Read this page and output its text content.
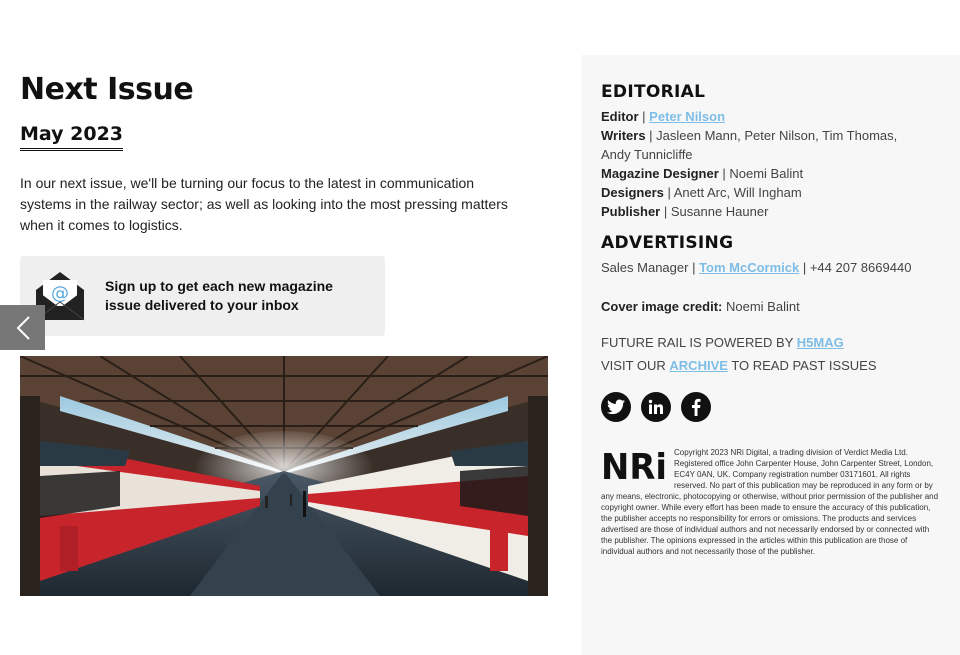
Next Issue
May 2023

In our next issue, we'll be turning our focus to the latest in communication systems in the railway sector; as well as looking into the most pressing matters when it comes to logistics.

@	Sign up to get each new magazine issue delivered to your inbox
EDITORIAL
Editor | Peter Nilson
Writers | Jasleen Mann, Peter Nilson, Tim Thomas, Andy Tunnicliffe
Magazine Designer | Noemi Balint
Designers | Anett Arc, Will Ingham
Publisher | Susanne Hauner
ADVERTISING
Sales Manager | Tom McCormick | +44 207 8669440
Cover image credit: Noemi Balint
FUTURE RAIL IS POWERED BY H5MAG
VISIT OUR ARCHIVE TO READ PAST ISSUES
NRi Copyright 2023 NRi Digital, a trading division of Verdict Media Ltd. Registered office John Carpenter House, John Carpenter Street, London, EC4Y 0AN, UK. Company registration number 03171601. All rights reserved. No part of this publication may be reproduced in any form or by any means, electronic, photocopying or otherwise, without prior permission of the publisher and copyright owner. While every effort has been made to ensure the accuracy of this publication, the publisher accepts no responsibility for errors or omissions. The products and services advertised are those of individual authors and not necessarily endorsed by or connected with the publisher. The opinions expressed in the articles within this publication are those of individual authors and not necessarily those of the publisher.
